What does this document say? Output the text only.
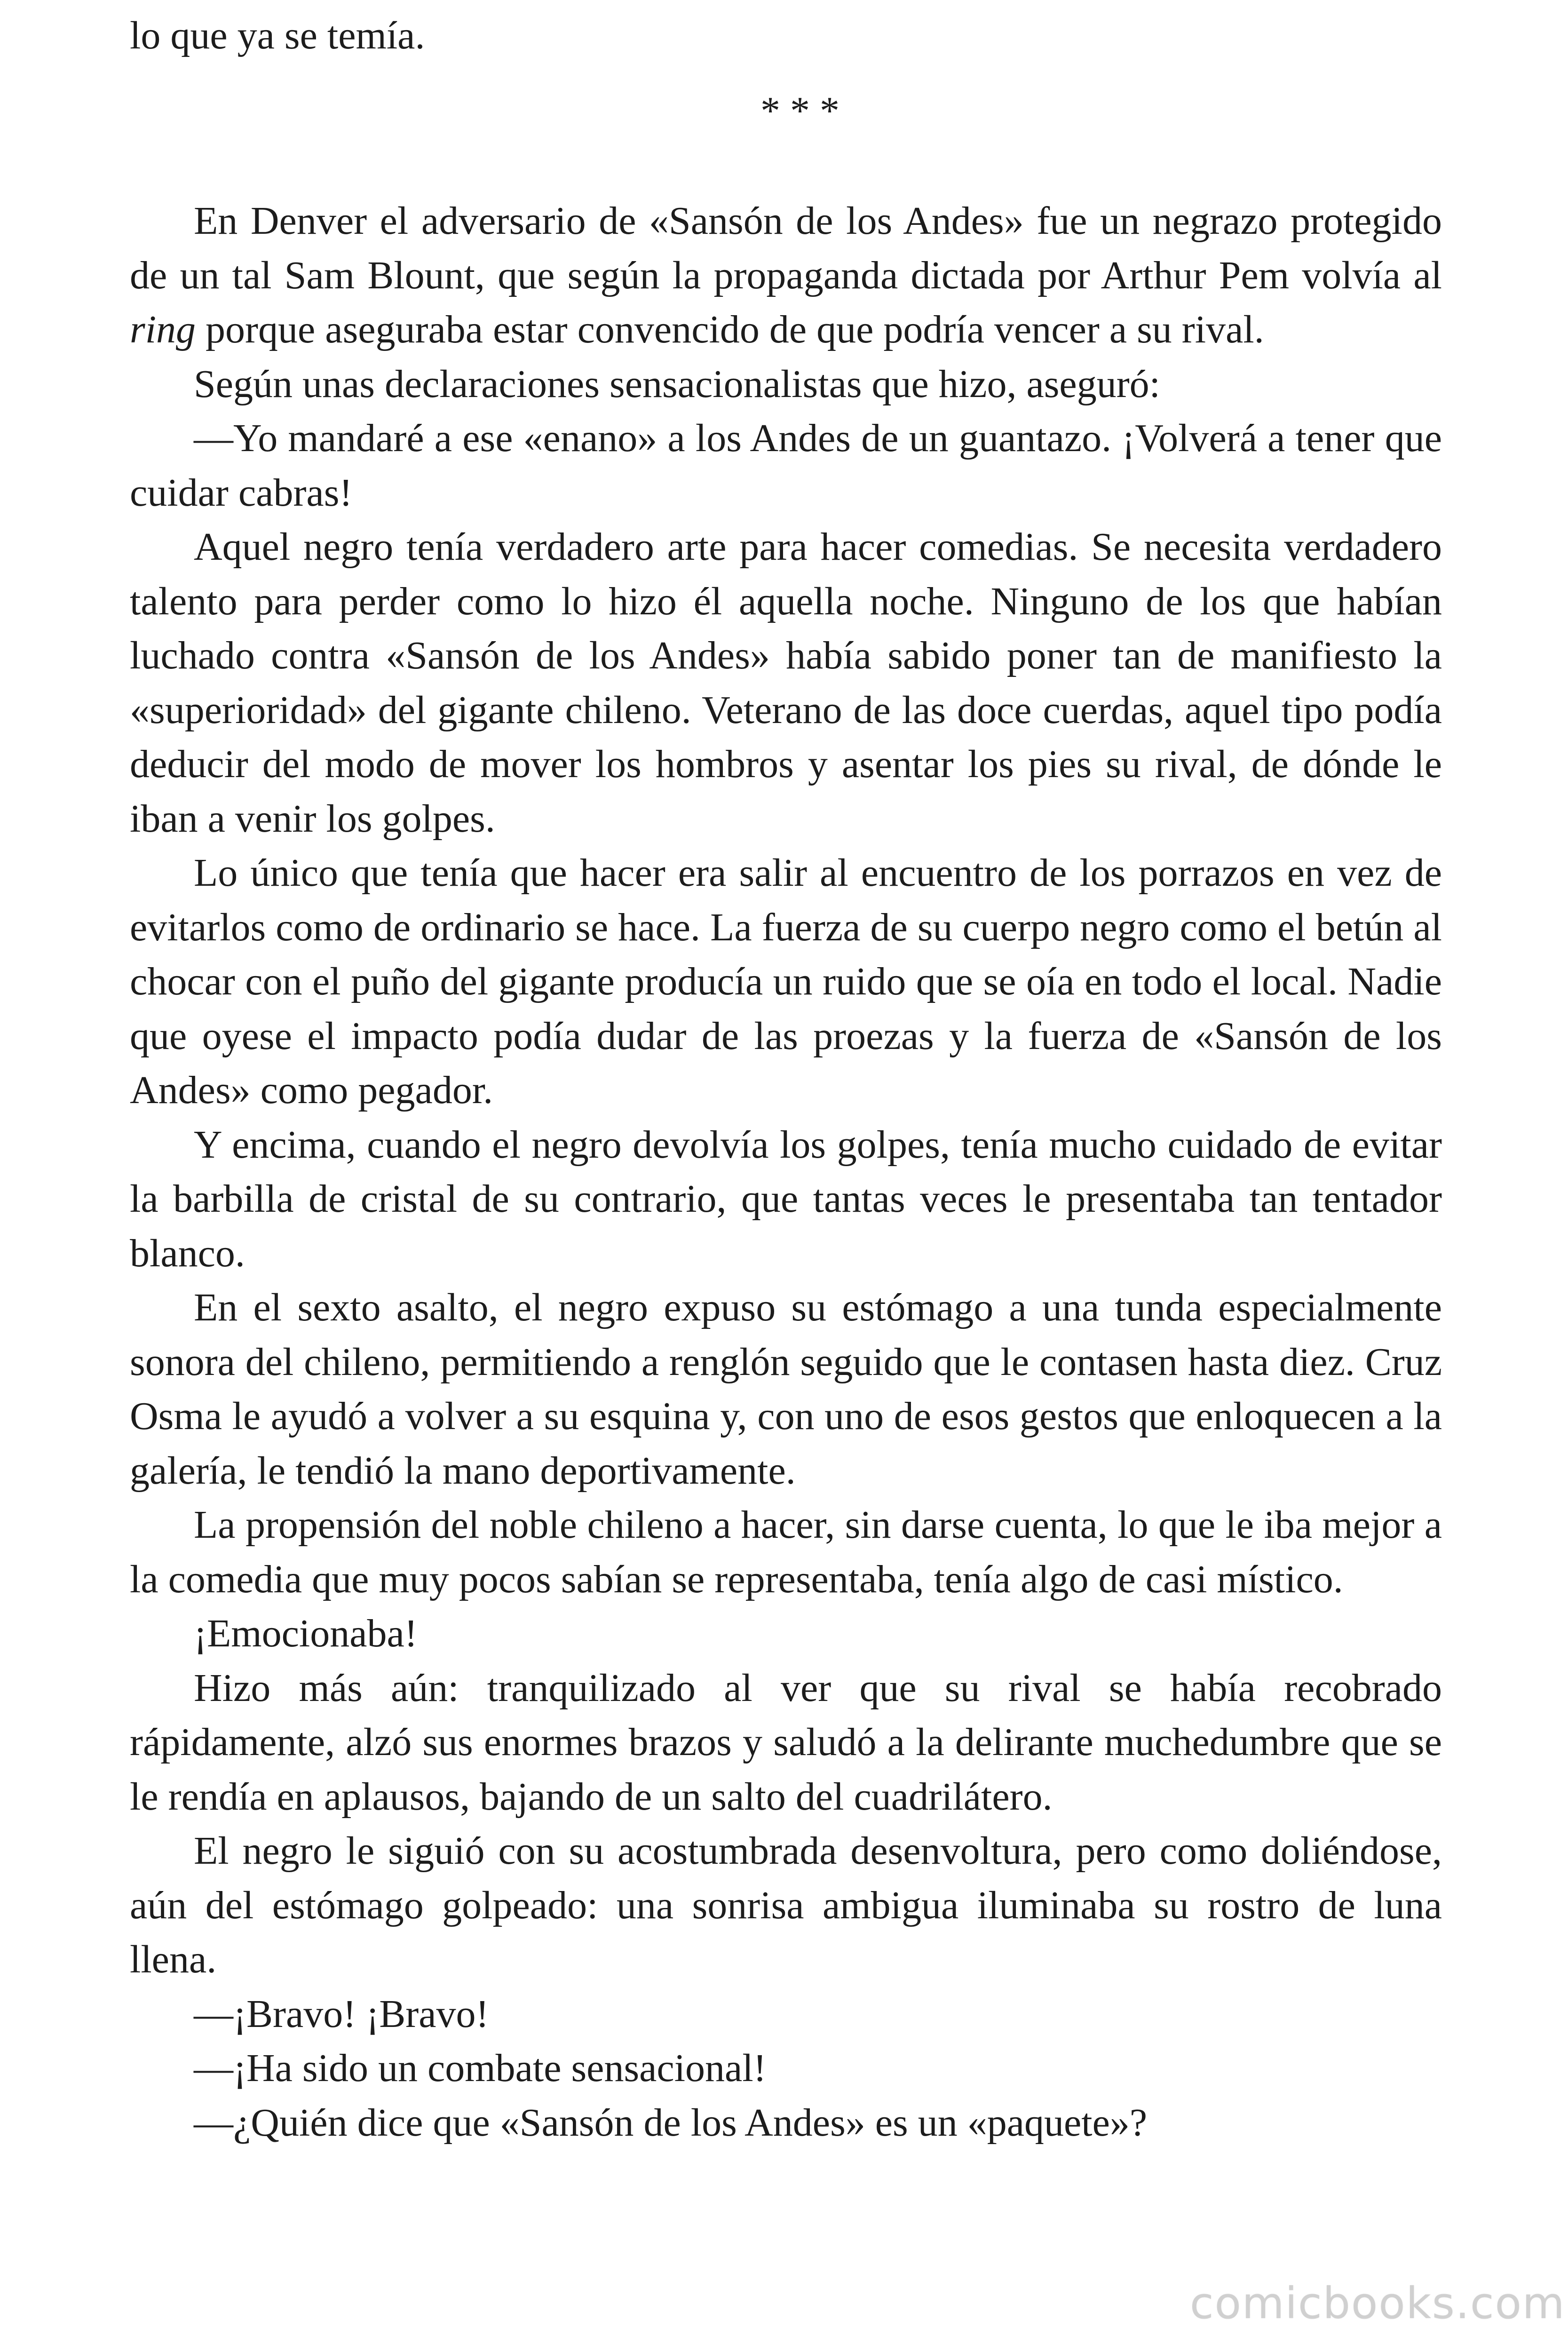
lo que ya se temía.

* * *

En Denver el adversario de «Sansón de los Andes» fue un negrazo protegido de un tal Sam Blount, que según la propaganda dictada por Arthur Pem volvía al ring porque aseguraba estar convencido de que podría vencer a su rival.

Según unas declaraciones sensacionalistas que hizo, aseguró:

—Yo mandaré a ese «enano» a los Andes de un guantazo. ¡Volverá a tener que cuidar cabras!

Aquel negro tenía verdadero arte para hacer comedias. Se necesita verdadero talento para perder como lo hizo él aquella noche. Ninguno de los que habían luchado contra «Sansón de los Andes» había sabido poner tan de manifiesto la «superioridad» del gigante chileno. Veterano de las doce cuerdas, aquel tipo podía deducir del modo de mover los hombros y asentar los pies su rival, de dónde le iban a venir los golpes.

Lo único que tenía que hacer era salir al encuentro de los porrazos en vez de evitarlos como de ordinario se hace. La fuerza de su cuerpo negro como el betún al chocar con el puño del gigante producía un ruido que se oía en todo el local. Nadie que oyese el impacto podía dudar de las proezas y la fuerza de «Sansón de los Andes» como pegador.

Y encima, cuando el negro devolvía los golpes, tenía mucho cuidado de evitar la barbilla de cristal de su contrario, que tantas veces le presentaba tan tentador blanco.

En el sexto asalto, el negro expuso su estómago a una tunda especialmente sonora del chileno, permitiendo a renglón seguido que le contasen hasta diez. Cruz Osma le ayudó a volver a su esquina y, con uno de esos gestos que enloquecen a la galería, le tendió la mano deportivamente.

La propensión del noble chileno a hacer, sin darse cuenta, lo que le iba mejor a la comedia que muy pocos sabían se representaba, tenía algo de casi místico.

¡Emocionaba!

Hizo más aún: tranquilizado al ver que su rival se había recobrado rápidamente, alzó sus enormes brazos y saludó a la delirante muchedumbre que se le rendía en aplausos, bajando de un salto del cuadrilátero.

El negro le siguió con su acostumbrada desenvoltura, pero como doliéndose, aún del estómago golpeado: una sonrisa ambigua iluminaba su rostro de luna llena.

—¡Bravo! ¡Bravo!

—¡Ha sido un combate sensacional!

—¿Quién dice que «Sansón de los Andes» es un «paquete»?

comicbooks.com
